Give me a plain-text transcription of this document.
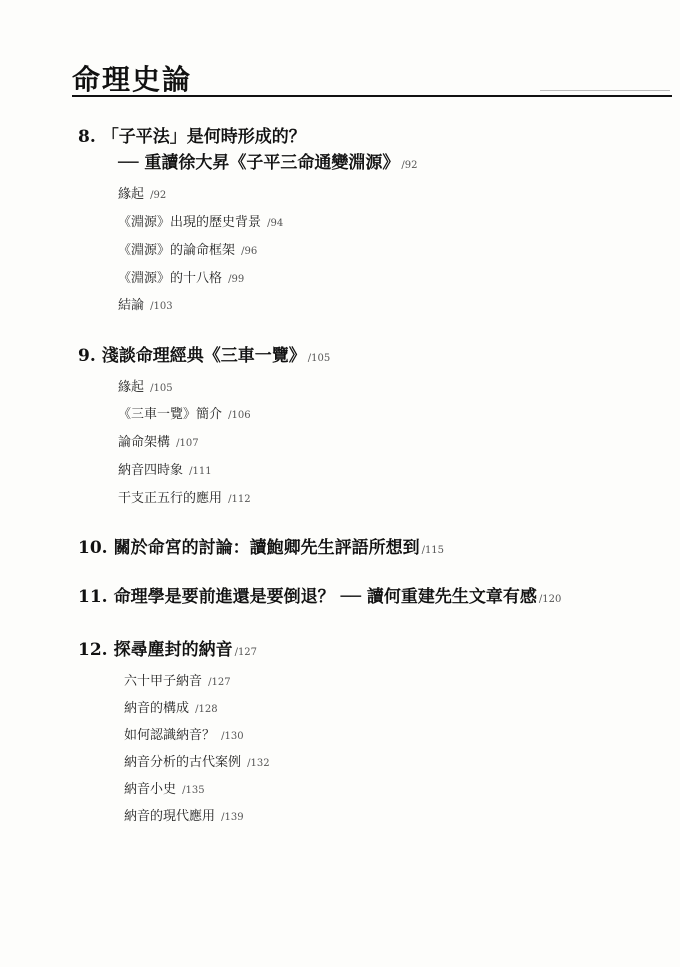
命理史論
8. 「子平法」是何時形成的？
── 重讀徐大昇《子平三命通變淵源》 /92
緣起 /92
《淵源》出現的歷史背景 /94
《淵源》的論命框架 /96
《淵源》的十八格 /99
結論 /103
9. 淺談命理經典《三車一覽》 /105
緣起 /105
《三車一覽》簡介 /106
論命架構 /107
納音四時象 /111
干支正五行的應用 /112
10. 關於命宮的討論：讀鮑卿先生評語所想到 /115
11. 命理學是要前進還是要倒退？ ── 讀何重建先生文章有感 /120
12. 探尋塵封的納音 /127
六十甲子納音 /127
納音的構成 /128
如何認識納音？ /130
納音分析的古代案例 /132
納音小史 /135
納音的現代應用 /139
